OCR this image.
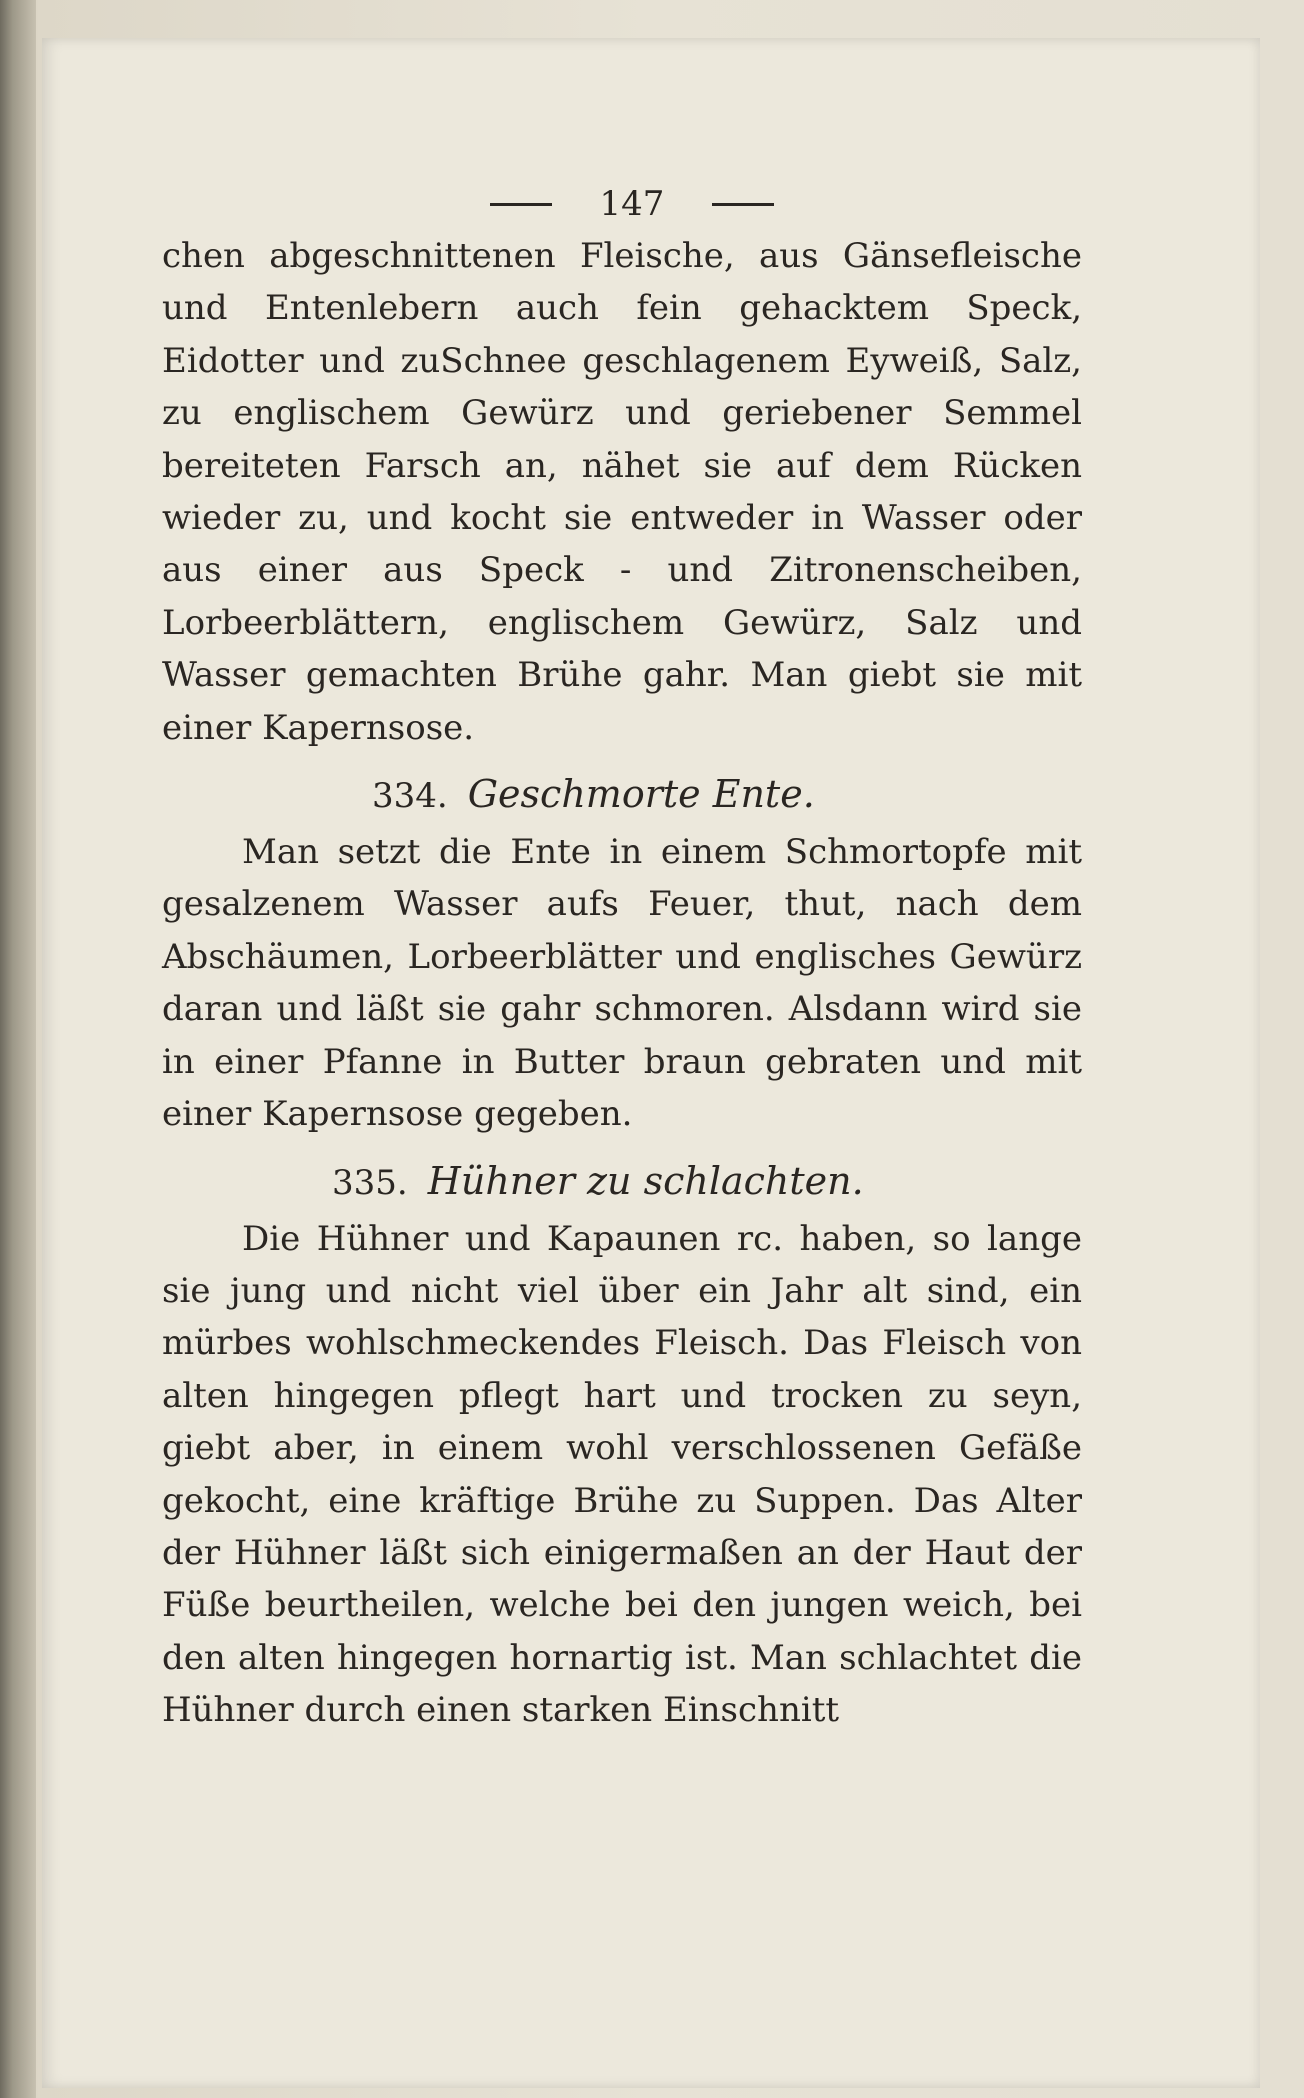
147

chen abgeschnittenen Fleische, aus Gänsefleische und Entenlebern auch fein gehacktem Speck, Eidotter und zuSchnee geschlagenem Eyweiß, Salz, zu englischem Gewürz und geriebener Semmel bereiteten Farsch an, nähet sie auf dem Rücken wieder zu, und kocht sie entweder in Wasser oder aus einer aus Speck - und Zitronenscheiben, Lorbeerblättern, englischem Gewürz, Salz und Wasser gemachten Brühe gahr. Man giebt sie mit einer Kapernsose.

334. Geschmorte Ente.

Man setzt die Ente in einem Schmortopfe mit gesalzenem Wasser aufs Feuer, thut, nach dem Abschäumen, Lorbeerblätter und englisches Gewürz daran und läßt sie gahr schmoren. Alsdann wird sie in einer Pfanne in Butter braun gebraten und mit einer Kapernsose gegeben.

335. Hühner zu schlachten.

Die Hühner und Kapaunen rc. haben, so lange sie jung und nicht viel über ein Jahr alt sind, ein mürbes wohlschmeckendes Fleisch. Das Fleisch von alten hingegen pflegt hart und trocken zu seyn, giebt aber, in einem wohl verschlossenen Gefäße gekocht, eine kräftige Brühe zu Suppen. Das Alter der Hühner läßt sich einigermaßen an der Haut der Füße beurtheilen, welche bei den jungen weich, bei den alten hingegen hornartig ist. Man schlachtet die Hühner durch einen starken Einschnitt
